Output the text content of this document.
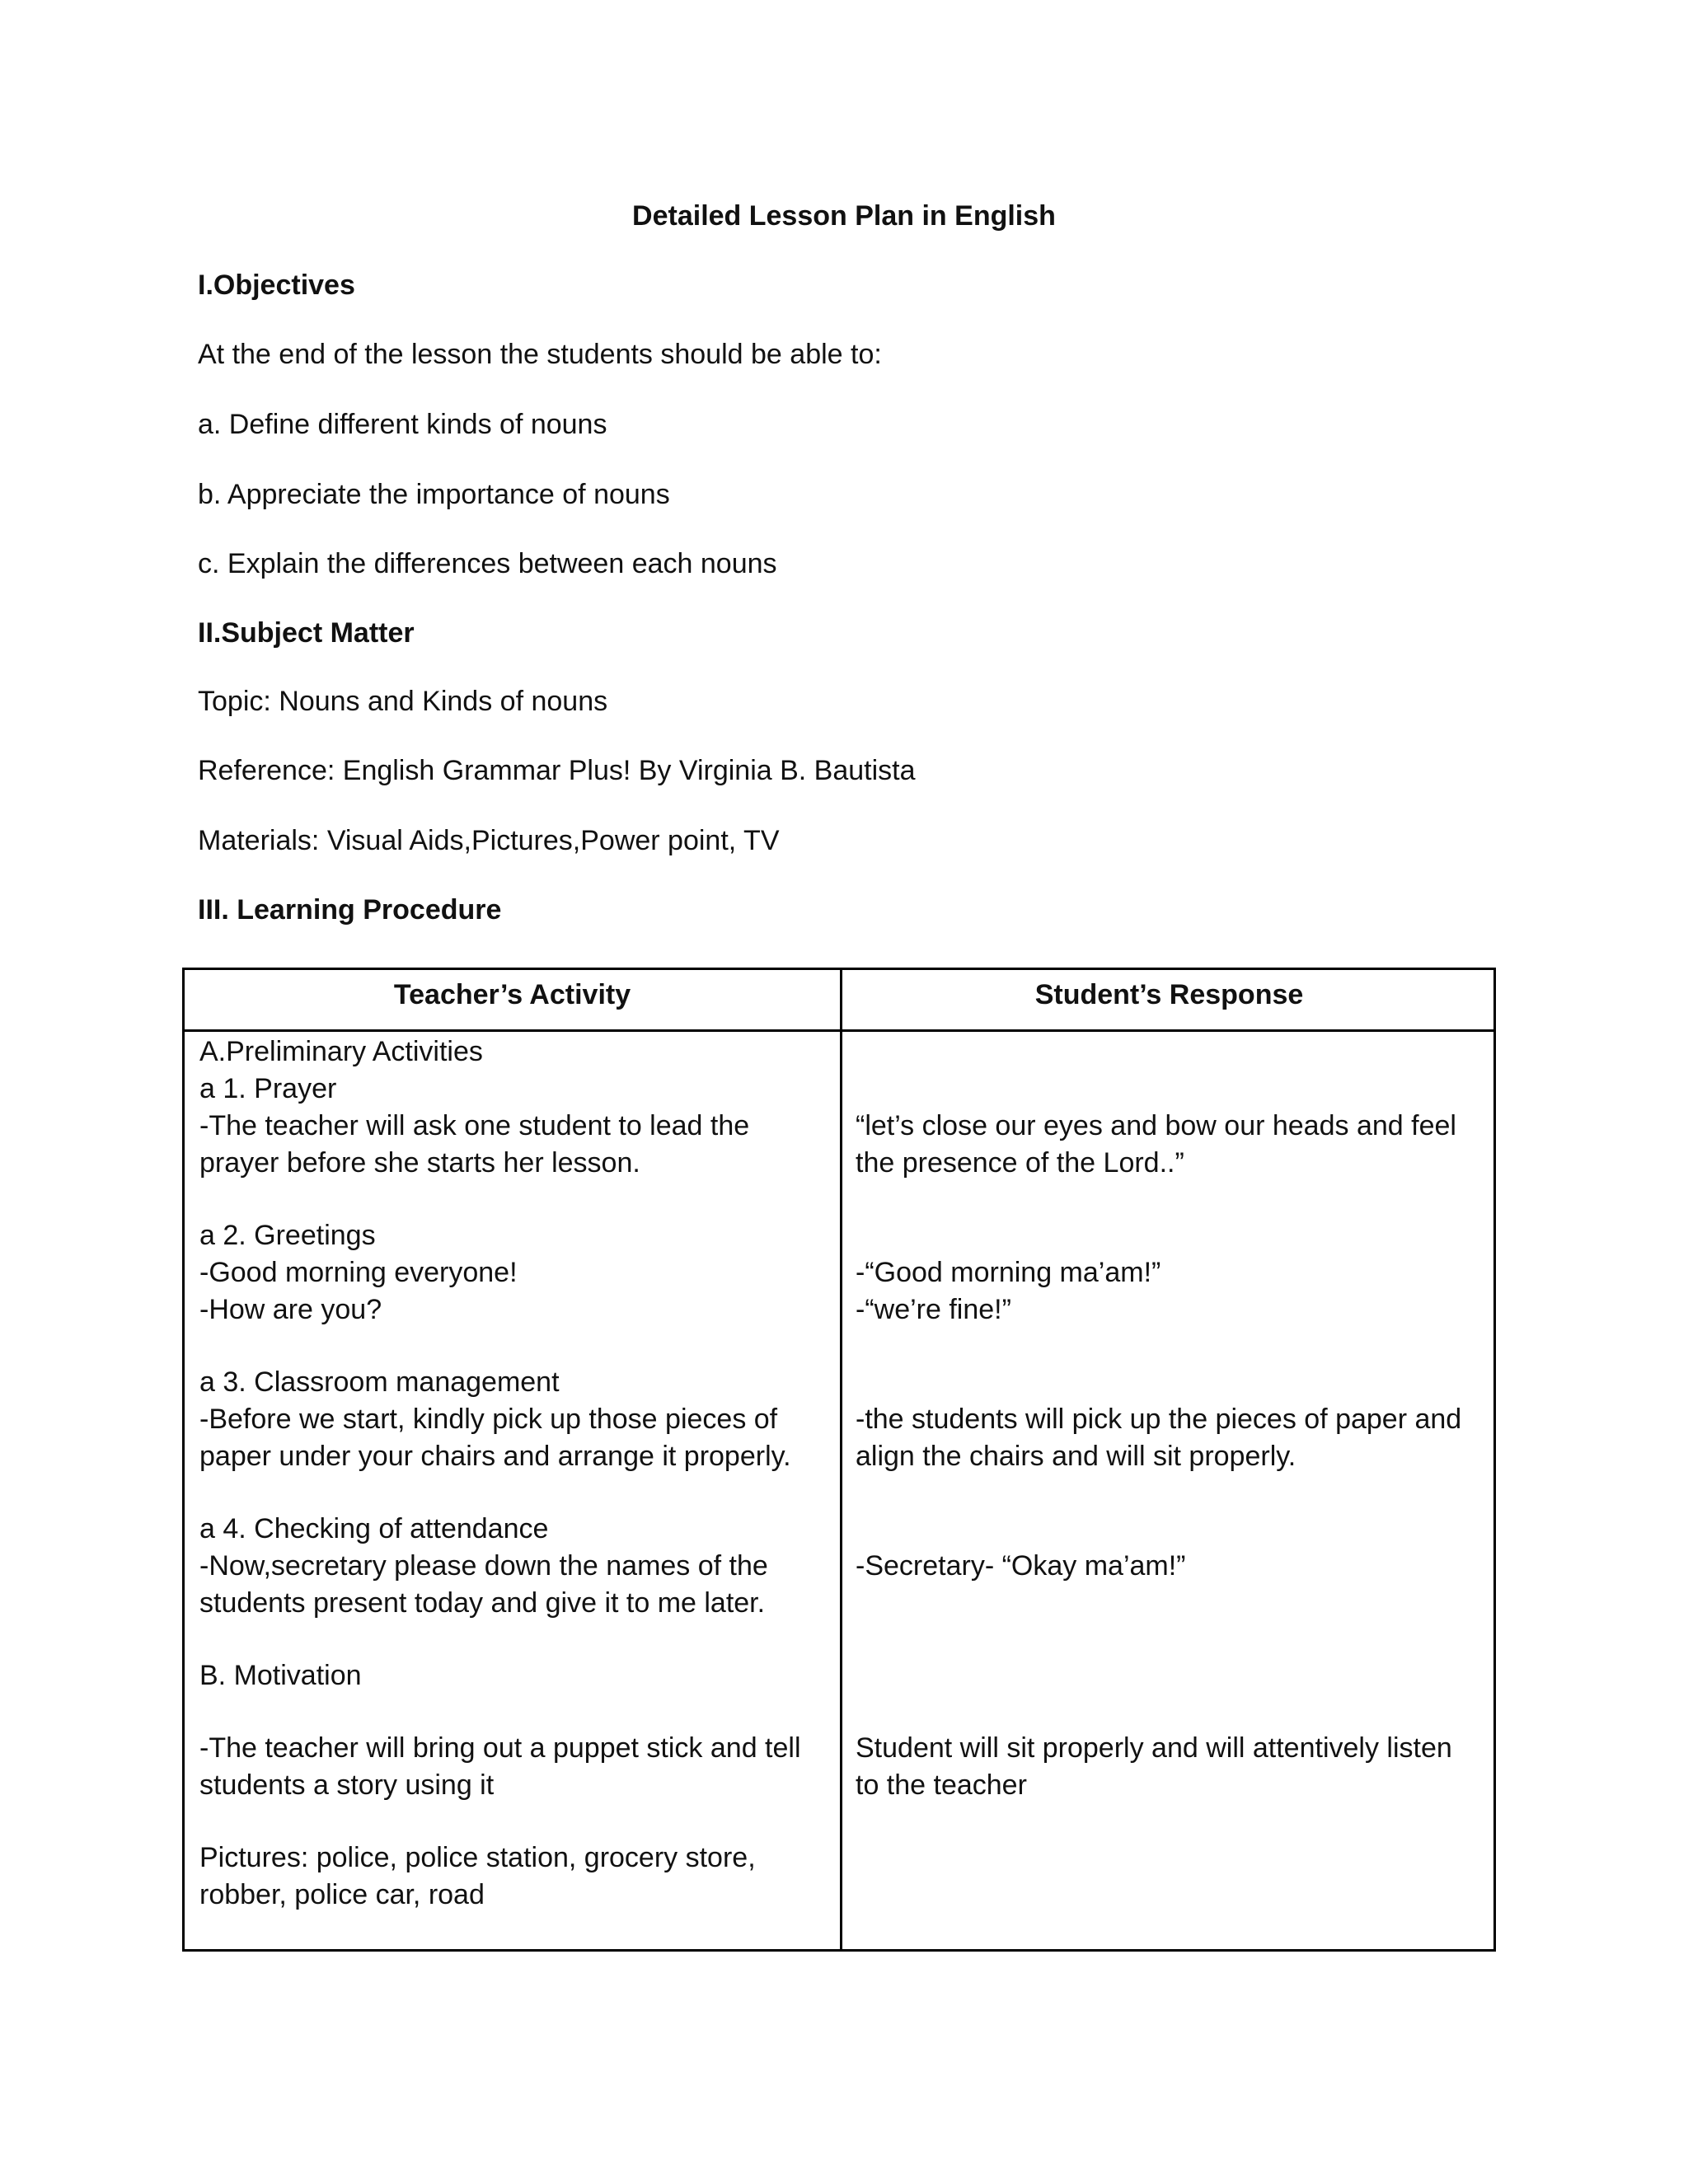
Detailed Lesson Plan in English
I.Objectives
At the end of the lesson the students should be able to:
a. Define different kinds of nouns
b. Appreciate the importance of nouns
c. Explain the differences between each nouns
II.Subject Matter
Topic: Nouns and Kinds of nouns
Reference: English Grammar Plus! By Virginia B. Bautista
Materials: Visual Aids,Pictures,Power point, TV
III. Learning Procedure
Teacher’s Activity	Student’s Response
A.Preliminary Activities
a 1. Prayer
-The teacher will ask one student to lead the
prayer before she starts her lesson.
a 2. Greetings
-Good morning everyone!
-How are you?
a 3. Classroom management
-Before we start, kindly pick up those pieces of
paper under your chairs and arrange it properly.
a 4. Checking of attendance
-Now,secretary please down the names of the
students present today and give it to me later.
B. Motivation
-The teacher will bring out a puppet stick and tell
students a story using it
Pictures: police, police station, grocery store,
robber, police car, road
“let’s close our eyes and bow our heads and feel
the presence of the Lord..”
-“Good morning ma’am!”
-“we’re fine!”
-the students will pick up the pieces of paper and
align the chairs and will sit properly.
-Secretary- “Okay ma’am!”
Student will sit properly and will attentively listen
to the teacher
